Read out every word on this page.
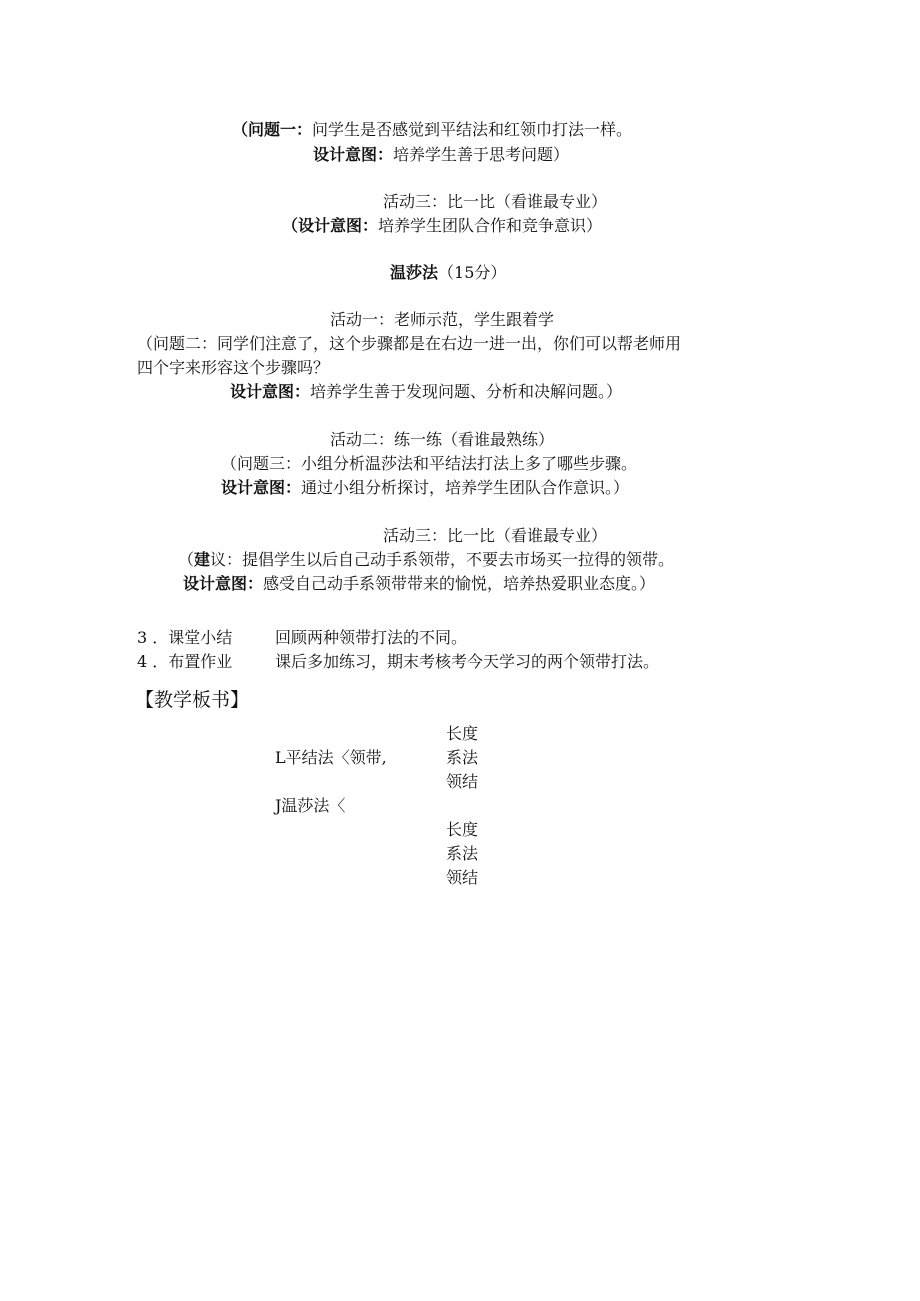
（问题一：问学生是否感觉到平结法和红领巾打法一样。
设计意图：培养学生善于思考问题）
活动三：比一比（看谁最专业）
（设计意图：培养学生团队合作和竞争意识）
温莎法（15分）
活动一：老师示范，学生跟着学
（问题二：同学们注意了，这个步骤都是在右边一进一出，你们可以帮老师用
四个字来形容这个步骤吗？
设计意图：培养学生善于发现问题、分析和决解问题。）
活动二：练一练（看谁最熟练）
（问题三：小组分析温莎法和平结法打法上多了哪些步骤。
设计意图：通过小组分析探讨，培养学生团队合作意识。）
活动三：比一比（看谁最专业）
（建议：提倡学生以后自己动手系领带，不要去市场买一拉得的领带。
设计意图：感受自己动手系领带带来的愉悦，培养热爱职业态度。）
3 ．课堂小结	回顾两种领带打法的不同。
4 ．布置作业	课后多加练习，期末考核考今天学习的两个领带打法。
【教学板书】
长度
L平结法〈领带,	系法
领结
J温莎法〈
长度
系法
领结
